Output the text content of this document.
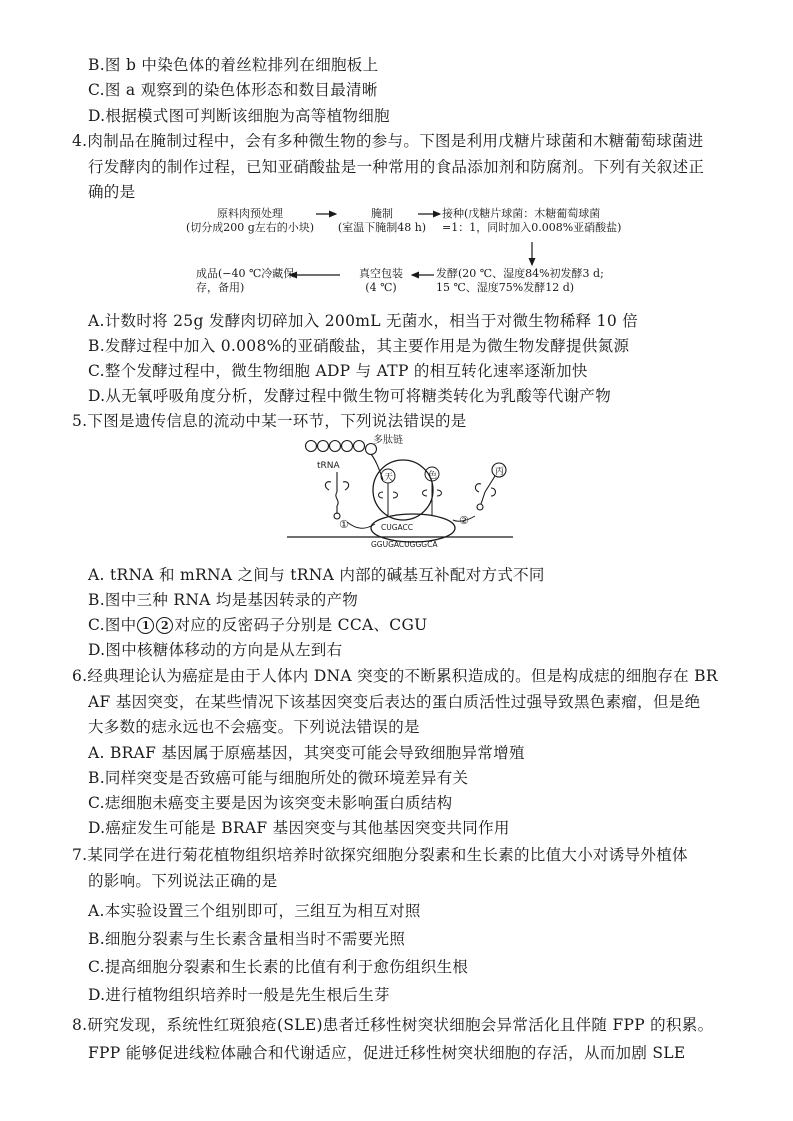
B.图 b 中染色体的着丝粒排列在细胞板上
C.图 a 观察到的染色体形态和数目最清晰
D.根据模式图可判断该细胞为高等植物细胞
4.肉制品在腌制过程中，会有多种微生物的参与。下图是利用戊糖片球菌和木糖葡萄球菌进
行发酵肉的制作过程，已知亚硝酸盐是一种常用的食品添加剂和防腐剂。下列有关叙述正
确的是
原料肉预处理
(切分成200 g左右的小块)
腌制
(室温下腌制48 h)
接种(戊糖片球菌：木糖葡萄球菌
=1：1，同时加入0.008%亚硝酸盐)
发酵(20 ℃、湿度84%初发酵3 d;
15 ℃、湿度75%发酵12 d)
真空包装
(4 ℃)
成品(−40 ℃冷藏保
存，备用)
A.计数时将 25g 发酵肉切碎加入 200mL 无菌水，相当于对微生物稀释 10 倍
B.发酵过程中加入 0.008%的亚硝酸盐，其主要作用是为微生物发酵提供氮源
C.整个发酵过程中，微生物细胞 ADP 与 ATP 的相互转化速率逐渐加快
D.从无氧呼吸角度分析，发酵过程中微生物可将糖类转化为乳酸等代谢产物
5.下图是遗传信息的流动中某一环节，下列说法错误的是
多肽链
tRNA
天	色	丙
①	②
CUGACC
GGUGACUGGGCA
A. tRNA 和 mRNA 之间与 tRNA 内部的碱基互补配对方式不同
B.图中三种 RNA 均是基因转录的产物
C.图中 1 2 对应的反密码子分别是 CCA、CGU
D.图中核糖体移动的方向是从左到右
6.经典理论认为癌症是由于人体内 DNA 突变的不断累积造成的。但是构成痣的细胞存在 BR
AF 基因突变，在某些情况下该基因突变后表达的蛋白质活性过强导致黑色素瘤，但是绝
大多数的痣永远也不会癌变。下列说法错误的是
A. BRAF 基因属于原癌基因，其突变可能会导致细胞异常增殖
B.同样突变是否致癌可能与细胞所处的微环境差异有关
C.痣细胞未癌变主要是因为该突变未影响蛋白质结构
D.癌症发生可能是 BRAF 基因突变与其他基因突变共同作用
7.某同学在进行菊花植物组织培养时欲探究细胞分裂素和生长素的比值大小对诱导外植体
的影响。下列说法正确的是
A.本实验设置三个组别即可，三组互为相互对照
B.细胞分裂素与生长素含量相当时不需要光照
C.提高细胞分裂素和生长素的比值有利于愈伤组织生根
D.进行植物组织培养时一般是先生根后生芽
8.研究发现，系统性红斑狼疮(SLE)患者迁移性树突状细胞会异常活化且伴随 FPP 的积累。
FPP 能够促进线粒体融合和代谢适应，促进迁移性树突状细胞的存活，从而加剧 SLE
